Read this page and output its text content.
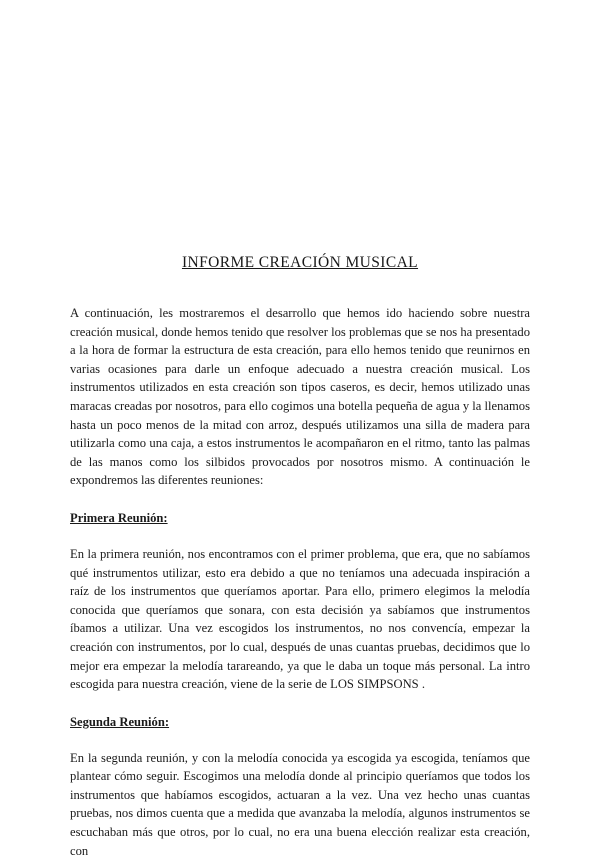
INFORME CREACIÓN MUSICAL

A continuación, les mostraremos el desarrollo que hemos ido haciendo sobre nuestra creación musical, donde hemos tenido que resolver los problemas que se nos ha presentado a la hora de formar la estructura de esta creación, para ello hemos tenido que reunirnos en varias ocasiones para darle un enfoque adecuado a nuestra creación musical. Los instrumentos utilizados en esta creación son tipos caseros, es decir, hemos utilizado unas maracas creadas por nosotros, para ello cogimos una botella pequeña de agua y la llenamos hasta un poco menos de la mitad con arroz, después utilizamos una silla de madera para utilizarla como una caja, a estos instrumentos le acompañaron en el ritmo, tanto las palmas de las manos como los silbidos provocados por nosotros mismo. A continuación le expondremos las diferentes reuniones:

Primera Reunión:

En la primera reunión, nos encontramos con el primer problema, que era, que no sabíamos qué instrumentos utilizar, esto era debido a que no teníamos una adecuada inspiración a raíz de los instrumentos que queríamos aportar. Para ello, primero elegimos la melodía conocida que queríamos que sonara, con esta decisión ya sabíamos que instrumentos íbamos a utilizar. Una vez escogidos los instrumentos, no nos convencía, empezar la creación con instrumentos, por lo cual, después de unas cuantas pruebas, decidimos que lo mejor era empezar la melodía tarareando, ya que le daba un toque más personal. La intro escogida para nuestra creación, viene de la serie de LOS SIMPSONS .

Segunda Reunión:

En la segunda reunión, y con la melodía conocida ya escogida ya escogida, teníamos que plantear cómo seguir. Escogimos una melodía donde al principio queríamos que todos los instrumentos que habíamos escogidos, actuaran a la vez. Una vez hecho unas cuantas pruebas, nos dimos cuenta que a medida que avanzaba la melodía, algunos instrumentos se escuchaban más que otros, por lo cual, no era una buena elección realizar esta creación, con
